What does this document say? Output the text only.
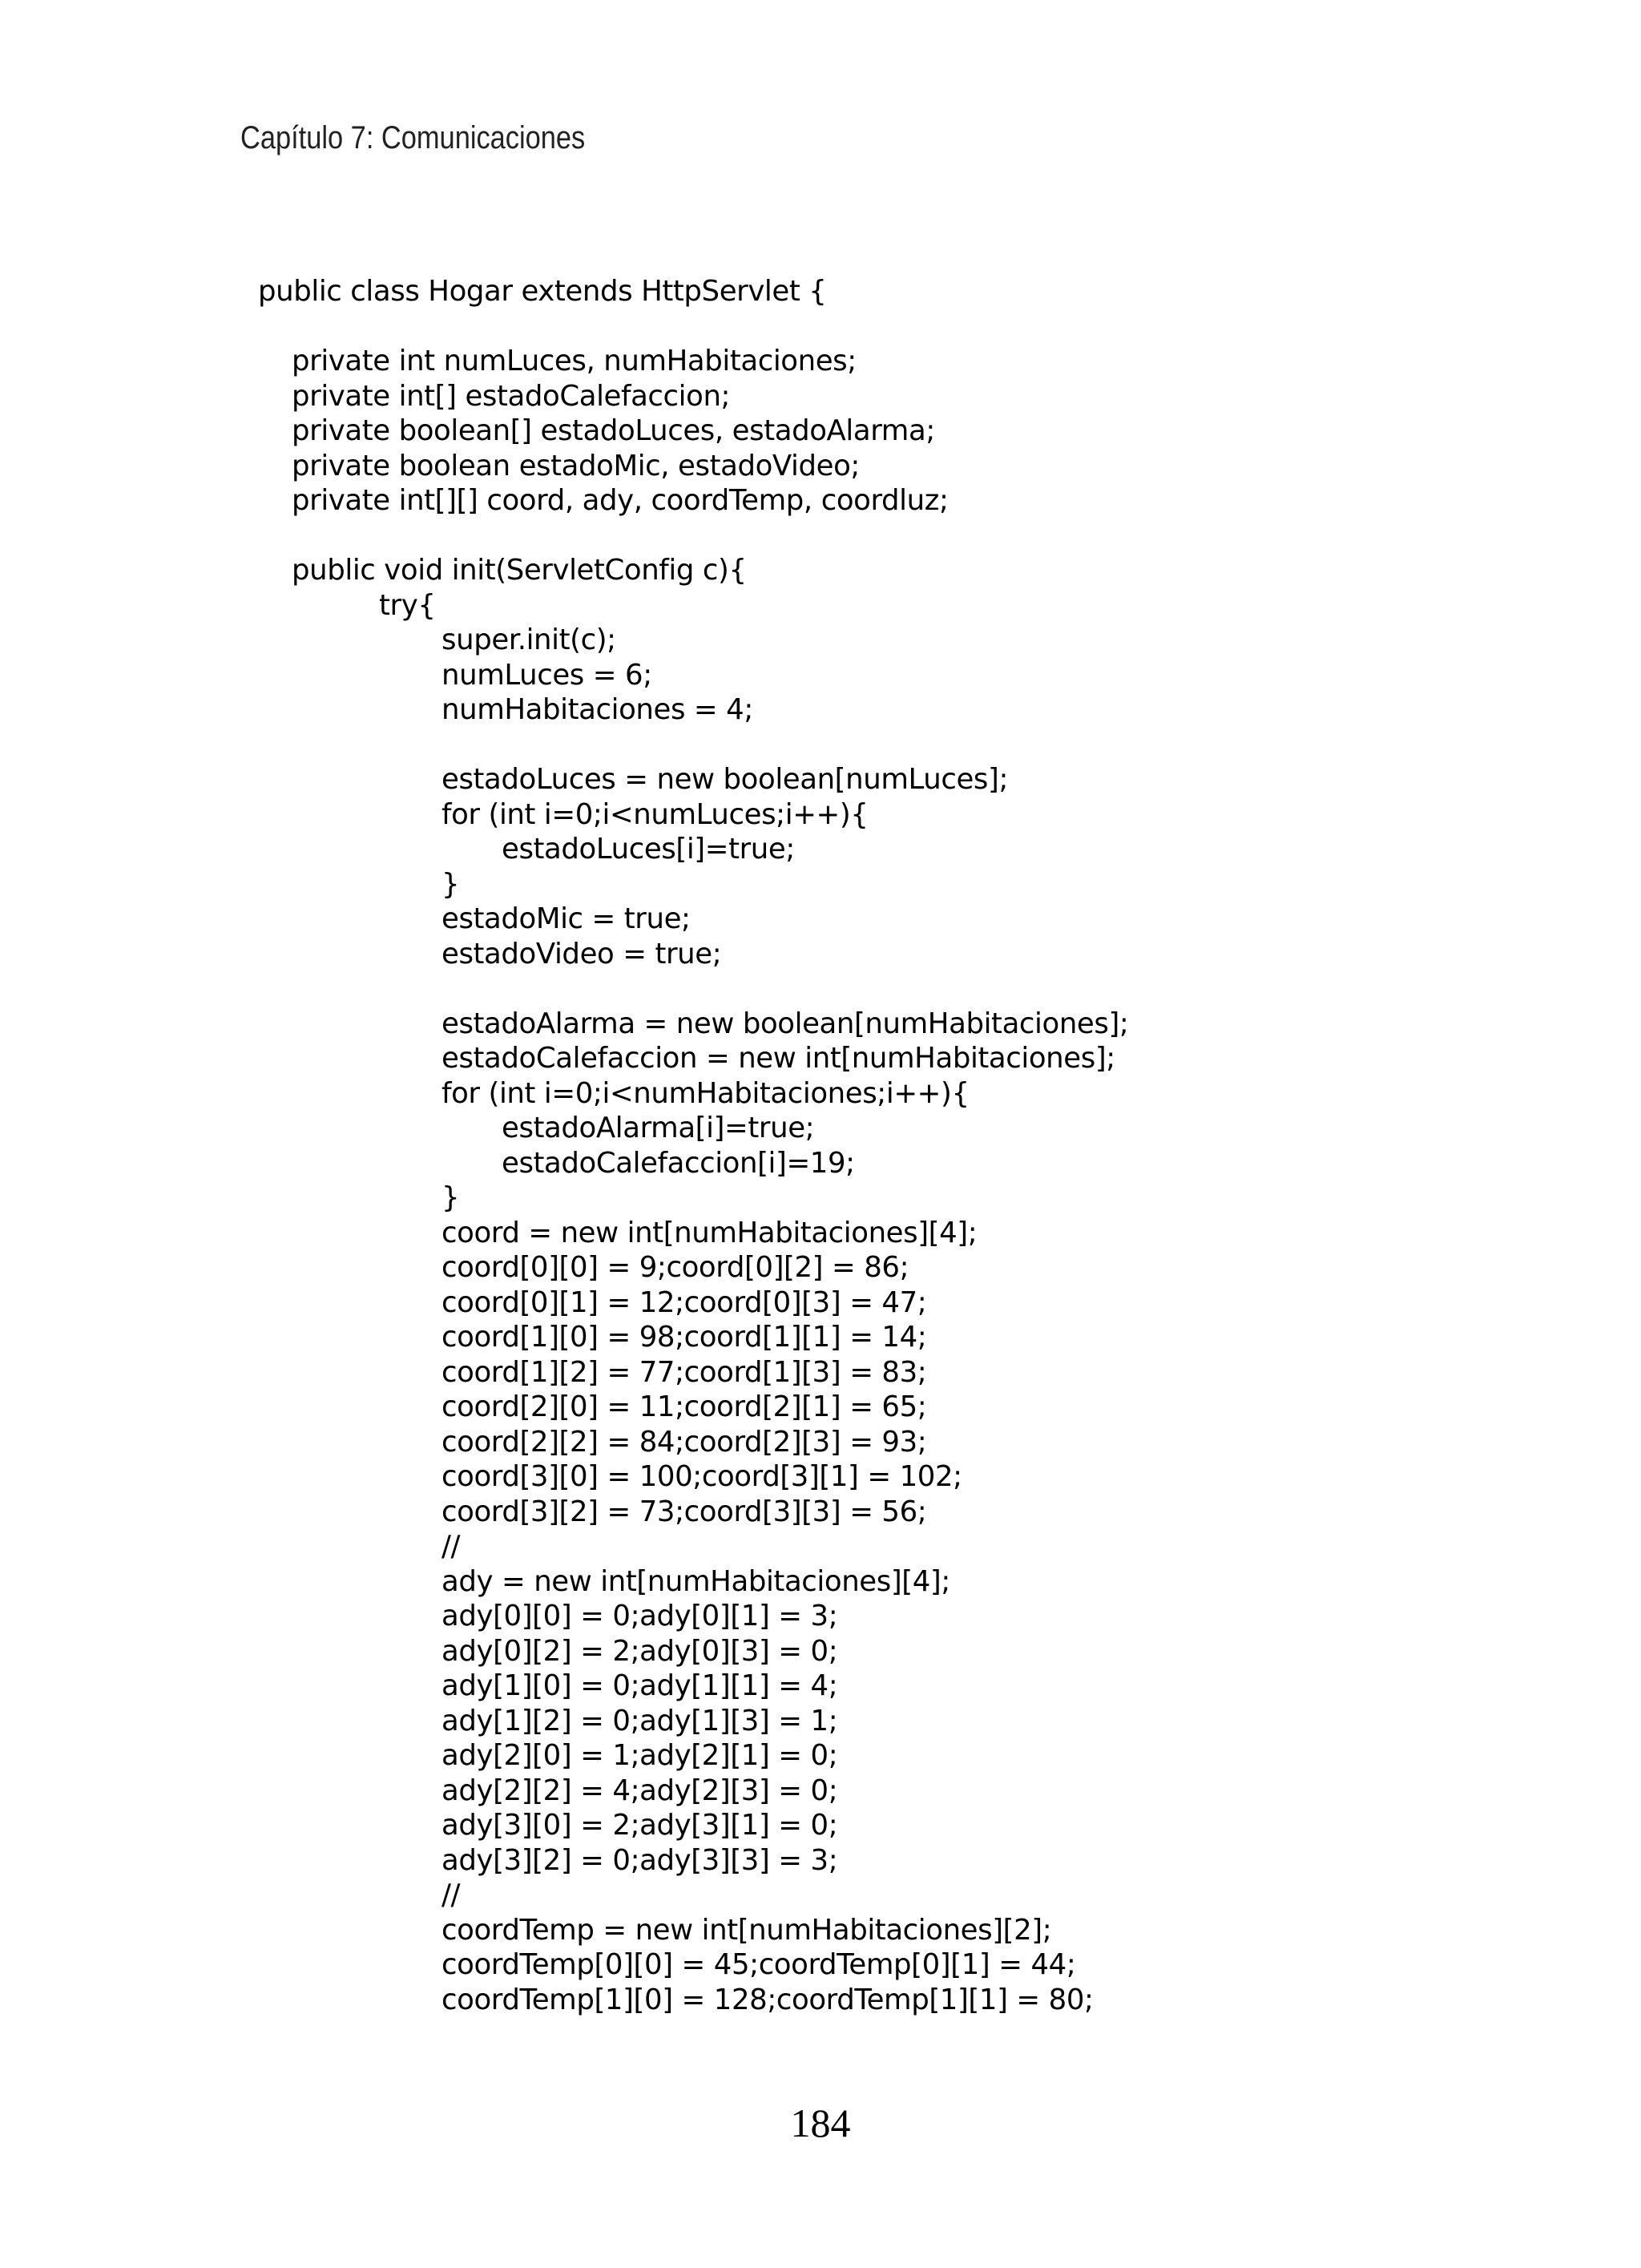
Capítulo 7: Comunicaciones
public class Hogar extends HttpServlet {
private int numLuces, numHabitaciones;
private int[] estadoCalefaccion;
private boolean[] estadoLuces, estadoAlarma;
private boolean estadoMic, estadoVideo;
private int[][] coord, ady, coordTemp, coordluz;
public void init(ServletConfig c){
try{
super.init(c);
numLuces = 6;
numHabitaciones = 4;
estadoLuces = new boolean[numLuces];
for (int i=0;i<numLuces;i++){
estadoLuces[i]=true;
}
estadoMic = true;
estadoVideo = true;
estadoAlarma = new boolean[numHabitaciones];
estadoCalefaccion = new int[numHabitaciones];
for (int i=0;i<numHabitaciones;i++){
estadoAlarma[i]=true;
estadoCalefaccion[i]=19;
}
coord = new int[numHabitaciones][4];
coord[0][0] = 9;coord[0][2] = 86;
coord[0][1] = 12;coord[0][3] = 47;
coord[1][0] = 98;coord[1][1] = 14;
coord[1][2] = 77;coord[1][3] = 83;
coord[2][0] = 11;coord[2][1] = 65;
coord[2][2] = 84;coord[2][3] = 93;
coord[3][0] = 100;coord[3][1] = 102;
coord[3][2] = 73;coord[3][3] = 56;
//
ady = new int[numHabitaciones][4];
ady[0][0] = 0;ady[0][1] = 3;
ady[0][2] = 2;ady[0][3] = 0;
ady[1][0] = 0;ady[1][1] = 4;
ady[1][2] = 0;ady[1][3] = 1;
ady[2][0] = 1;ady[2][1] = 0;
ady[2][2] = 4;ady[2][3] = 0;
ady[3][0] = 2;ady[3][1] = 0;
ady[3][2] = 0;ady[3][3] = 3;
//
coordTemp = new int[numHabitaciones][2];
coordTemp[0][0] = 45;coordTemp[0][1] = 44;
coordTemp[1][0] = 128;coordTemp[1][1] = 80;
184
